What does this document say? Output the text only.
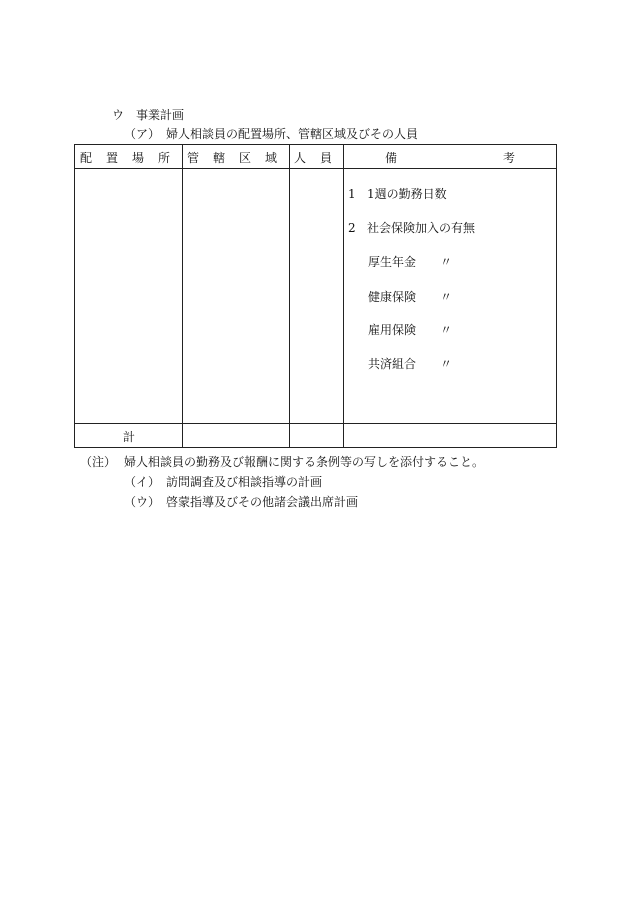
ウ　事業計画
（ア）　婦人相談員の配置場所、管轄区域及びその人員
配　置　場　所 管　轄　区　域 人　員	備	考
1 1週の勤務日数
2 社会保険加入の有無
厚生年金 〃
健康保険 〃
雇用保険 〃
共済組合 〃
計
（注） 婦人相談員の勤務及び報酬に関する条例等の写しを添付すること。
（イ）　訪問調査及び相談指導の計画
（ウ）　啓蒙指導及びその他諸会議出席計画
